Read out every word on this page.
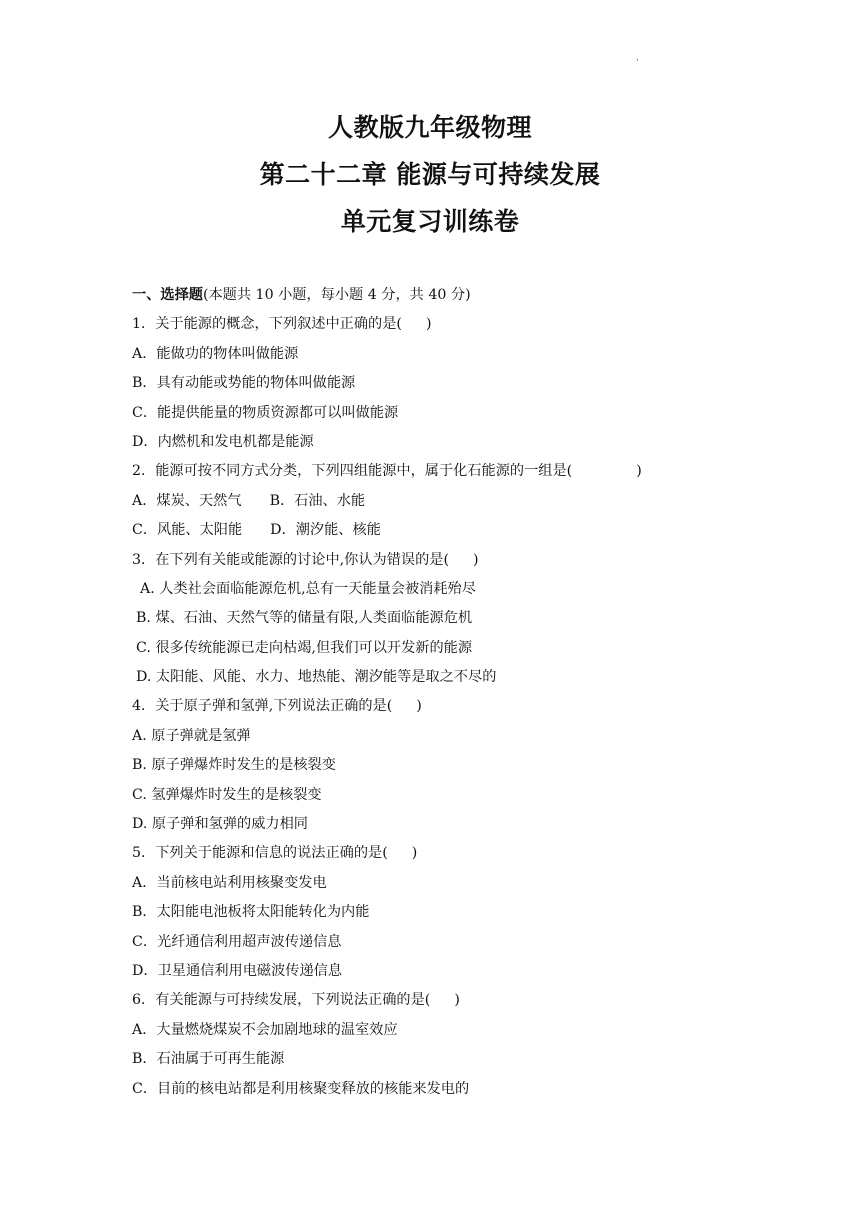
'
人教版九年级物理
第二十二章 能源与可持续发展
单元复习训练卷
一、选择题(本题共 10 小题，每小题 4 分，共 40 分)
1．关于能源的概念，下列叙述中正确的是( )
A．能做功的物体叫做能源
B．具有动能或势能的物体叫做能源
C．能提供能量的物质资源都可以叫做能源
D．内燃机和发电机都是能源
2．能源可按不同方式分类，下列四组能源中，属于化石能源的一组是(	)
A．煤炭、天然气 B．石油、水能
C．风能、太阳能 D．潮汐能、核能
3．在下列有关能或能源的讨论中,你认为错误的是( )
A. 人类社会面临能源危机,总有一天能量会被消耗殆尽
B. 煤、石油、天然气等的储量有限,人类面临能源危机
C. 很多传统能源已走向枯竭,但我们可以开发新的能源
D. 太阳能、风能、水力、地热能、潮汐能等是取之不尽的
4．关于原子弹和氢弹,下列说法正确的是( )
A. 原子弹就是氢弹
B. 原子弹爆炸时发生的是核裂变
C. 氢弹爆炸时发生的是核裂变
D. 原子弹和氢弹的威力相同
5．下列关于能源和信息的说法正确的是( )
A．当前核电站利用核聚变发电
B．太阳能电池板将太阳能转化为内能
C．光纤通信利用超声波传递信息
D．卫星通信利用电磁波传递信息
6．有关能源与可持续发展，下列说法正确的是( )
A．大量燃烧煤炭不会加剧地球的温室效应
B．石油属于可再生能源
C．目前的核电站都是利用核聚变释放的核能来发电的
